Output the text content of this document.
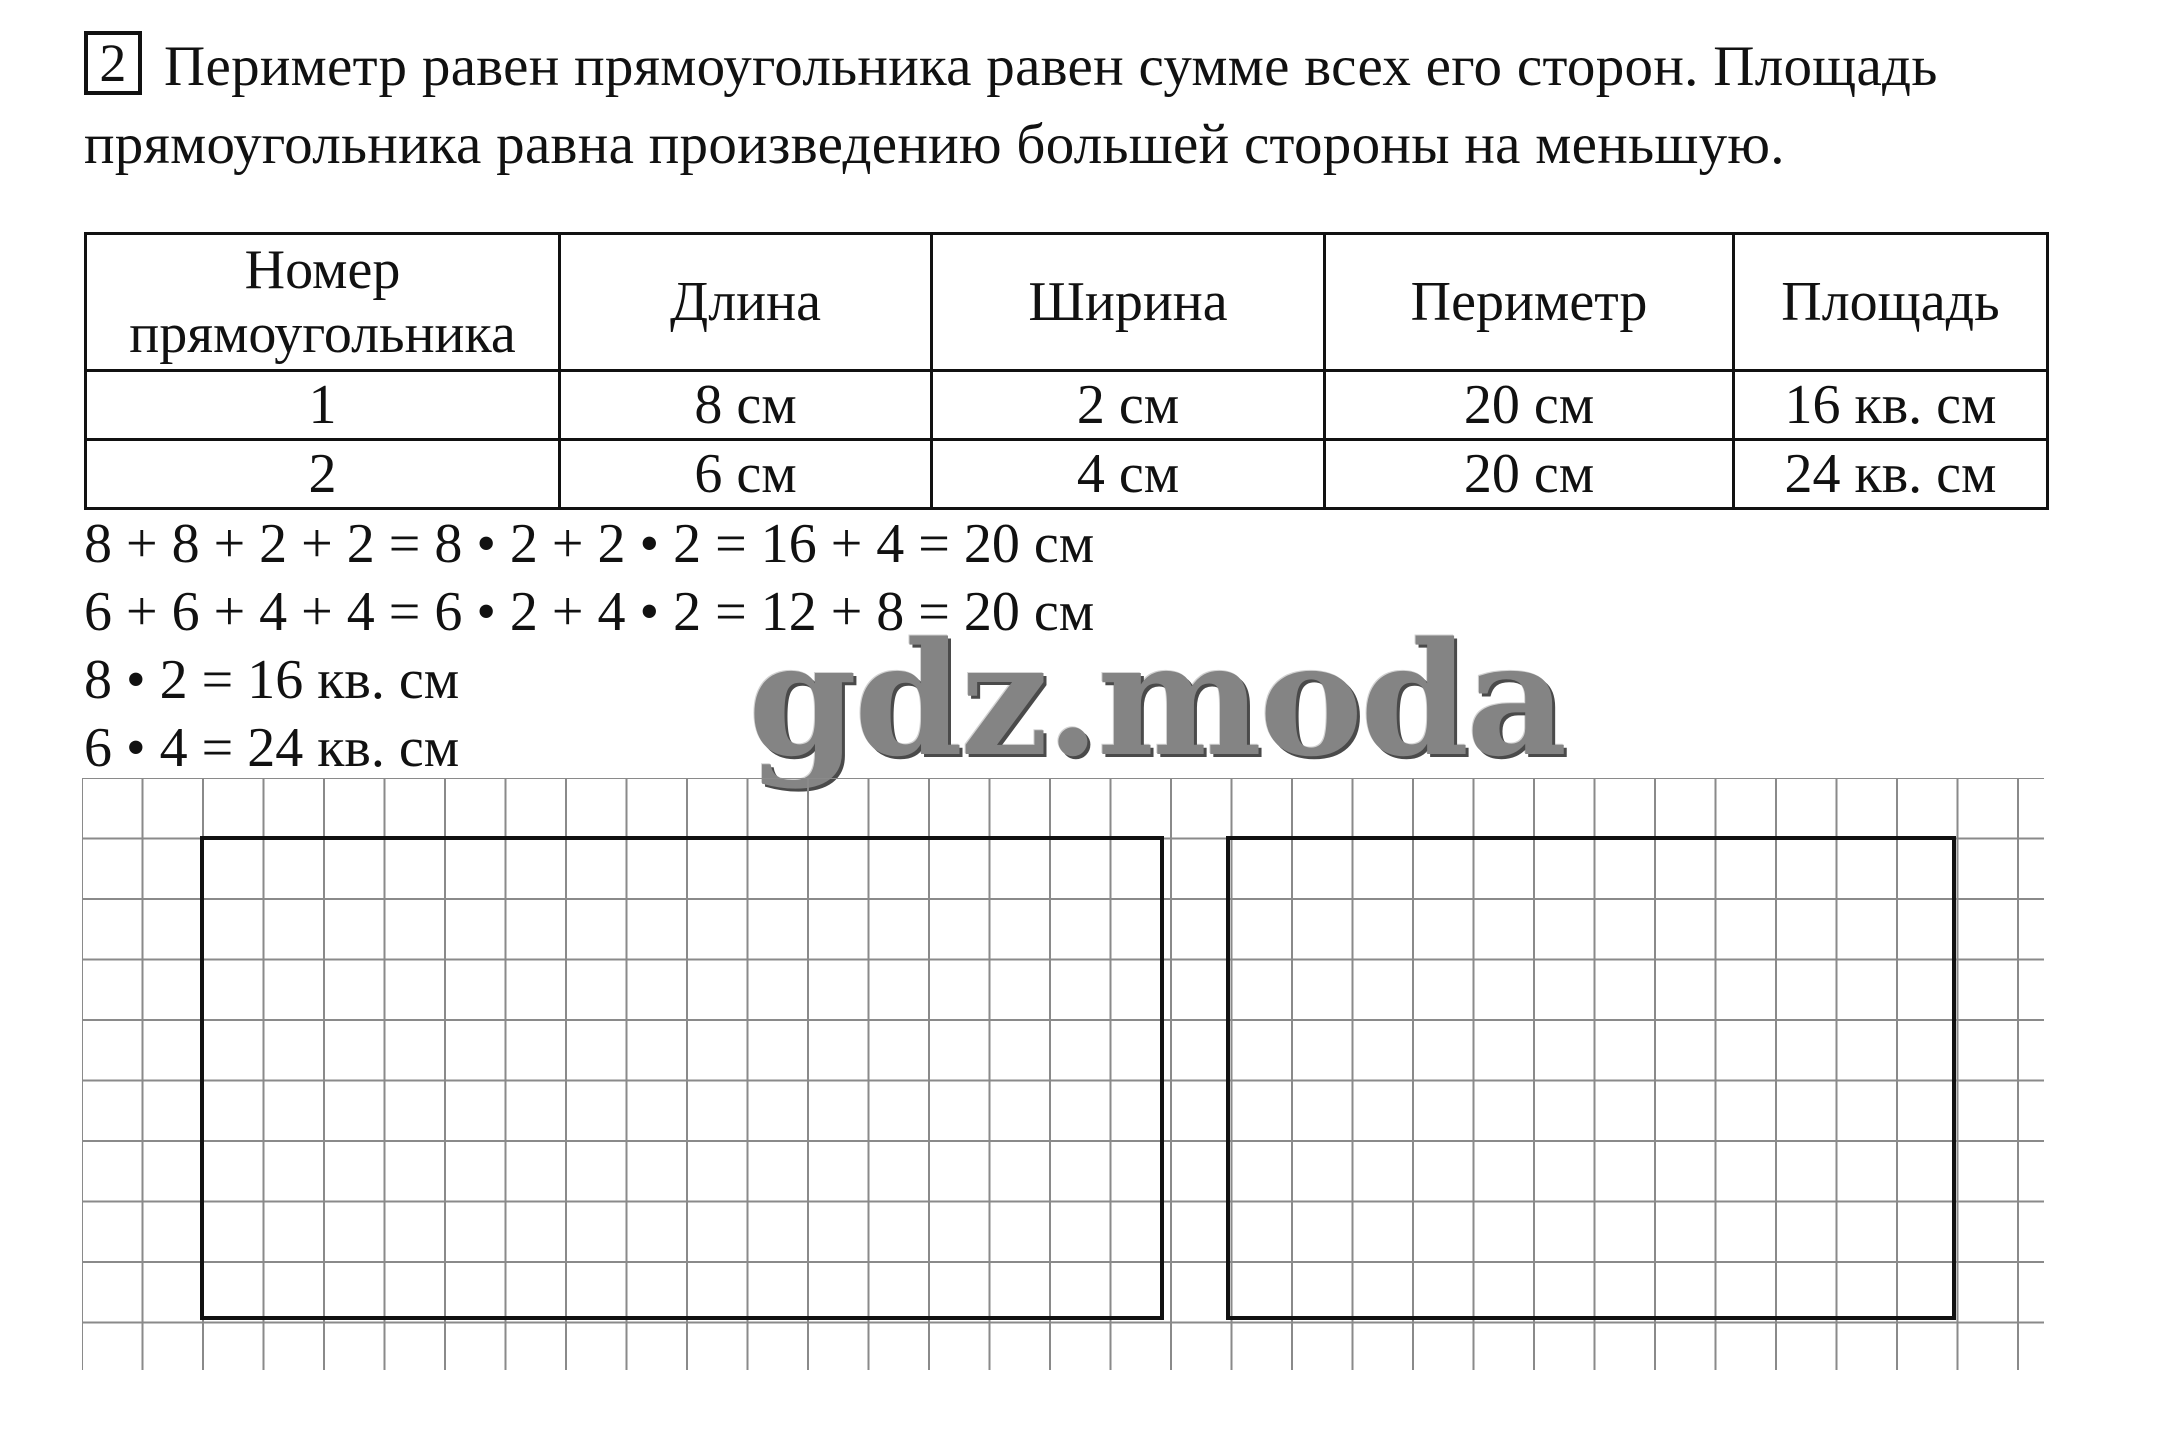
2 Периметр равен прямоугольника равен сумме всех его сторон. Площадь прямоугольника равна произведению большей стороны на меньшую.
Номер прямоугольника	Длина	Ширина	Периметр	Площадь
1	8 см	2 см	20 см	16 кв. см
2	6 см	4 см	20 см	24 кв. см
8 + 8 + 2 + 2 = 8 • 2 + 2 • 2 = 16 + 4 = 20 см
6 + 6 + 4 + 4 = 6 • 2 + 4 • 2 = 12 + 8 = 20 см
8 • 2 = 16 кв. см
6 • 4 = 24 кв. см	gdz.moda
